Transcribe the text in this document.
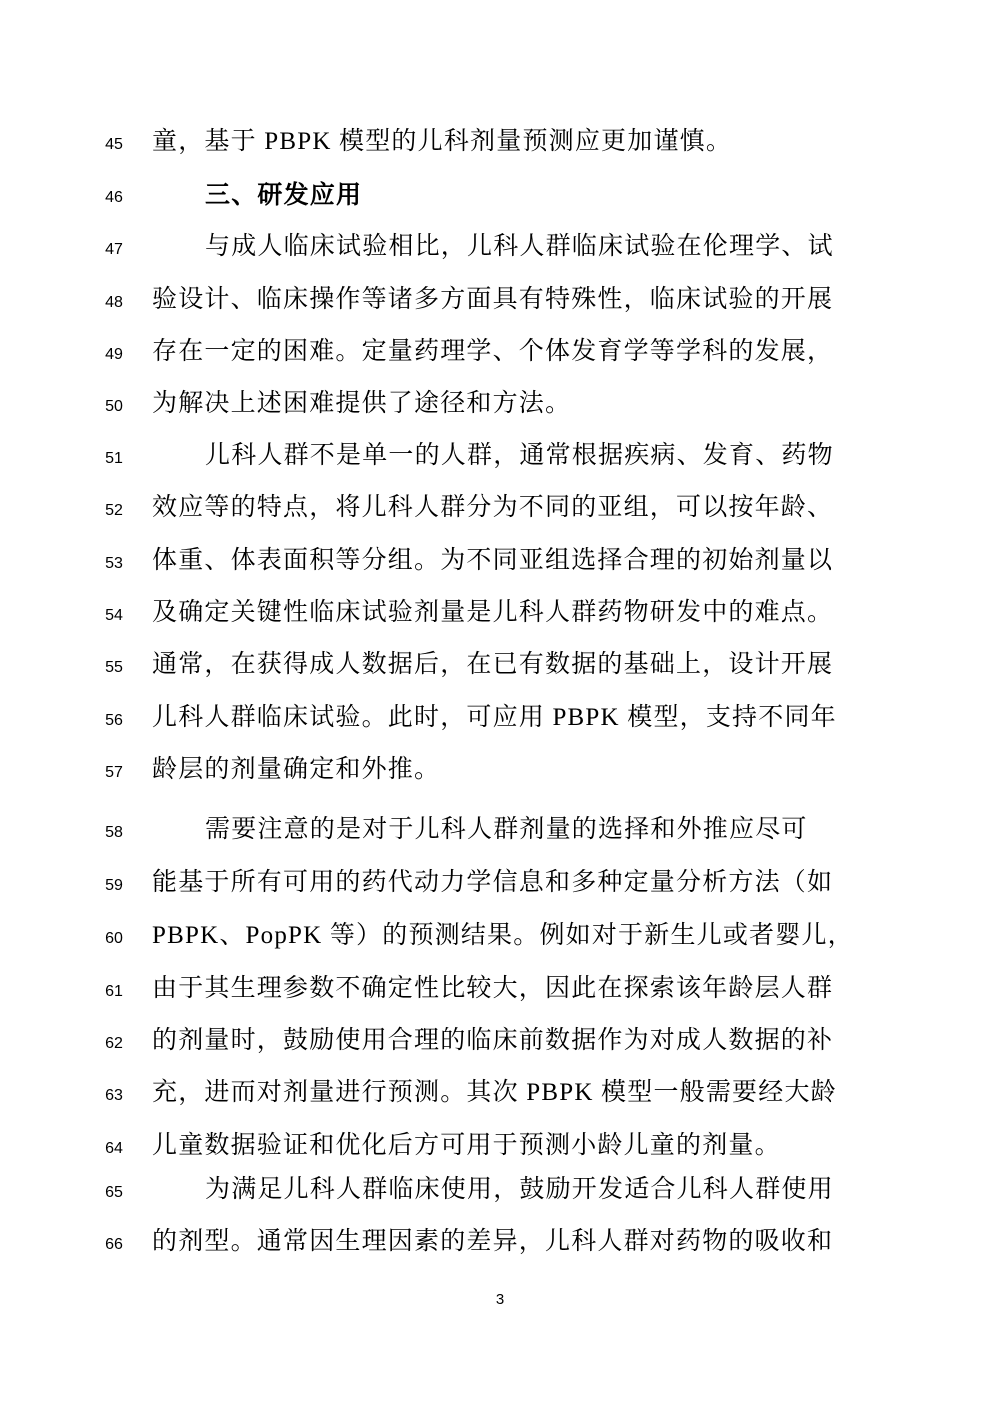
45	童，基于 PBPK 模型的儿科剂量预测应更加谨慎。
46	三、研发应用
47	与成人临床试验相比，儿科人群临床试验在伦理学、试
48	验设计、临床操作等诸多方面具有特殊性，临床试验的开展
49	存在一定的困难。定量药理学、个体发育学等学科的发展，
50	为解决上述困难提供了途径和方法。
51	儿科人群不是单一的人群，通常根据疾病、发育、药物
52	效应等的特点，将儿科人群分为不同的亚组，可以按年龄、
53	体重、体表面积等分组。为不同亚组选择合理的初始剂量以
54	及确定关键性临床试验剂量是儿科人群药物研发中的难点。
55	通常，在获得成人数据后，在已有数据的基础上，设计开展
56	儿科人群临床试验。此时，可应用 PBPK 模型，支持不同年
57	龄层的剂量确定和外推。
58	需要注意的是对于儿科人群剂量的选择和外推应尽可
59	能基于所有可用的药代动力学信息和多种定量分析方法（如
60	PBPK、PopPK 等）的预测结果。例如对于新生儿或者婴儿，
61	由于其生理参数不确定性比较大，因此在探索该年龄层人群
62	的剂量时，鼓励使用合理的临床前数据作为对成人数据的补
63	充，进而对剂量进行预测。其次 PBPK 模型一般需要经大龄
64	儿童数据验证和优化后方可用于预测小龄儿童的剂量。
65	为满足儿科人群临床使用，鼓励开发适合儿科人群使用
66	的剂型。通常因生理因素的差异，儿科人群对药物的吸收和
3
